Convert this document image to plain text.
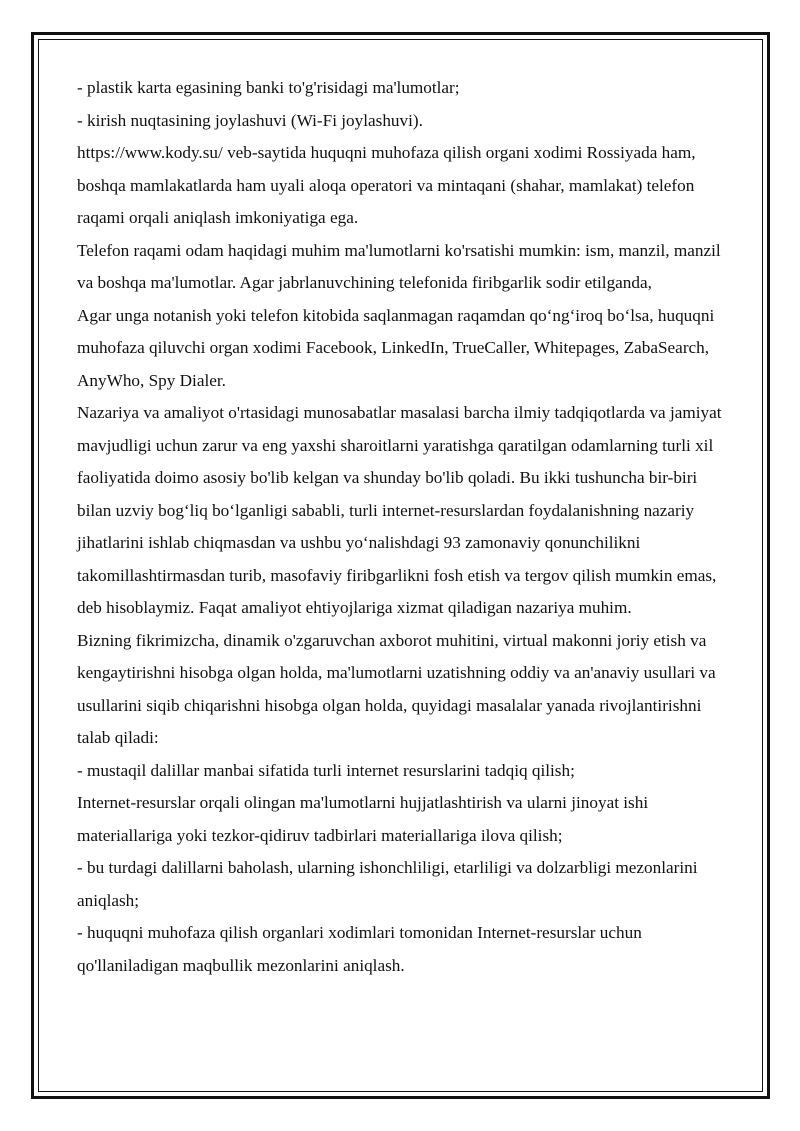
- plastik karta egasining banki to'g'risidagi ma'lumotlar;

- kirish nuqtasining joylashuvi (Wi-Fi joylashuvi).

https://www.kody.su/ veb-saytida huquqni muhofaza qilish organi xodimi Rossiyada ham, boshqa mamlakatlarda ham uyali aloqa operatori va mintaqani (shahar, mamlakat) telefon raqami orqali aniqlash imkoniyatiga ega.

Telefon raqami odam haqidagi muhim ma'lumotlarni ko'rsatishi mumkin: ism, manzil, manzil va boshqa ma'lumotlar. Agar jabrlanuvchining telefonida firibgarlik sodir etilganda,

Agar unga notanish yoki telefon kitobida saqlanmagan raqamdan qoʻngʻiroq boʻlsa, huquqni muhofaza qiluvchi organ xodimi Facebook, LinkedIn, TrueCaller, Whitepages, ZabaSearch, AnyWho, Spy Dialer.

Nazariya va amaliyot o'rtasidagi munosabatlar masalasi barcha ilmiy tadqiqotlarda va jamiyat mavjudligi uchun zarur va eng yaxshi sharoitlarni yaratishga qaratilgan odamlarning turli xil faoliyatida doimo asosiy bo'lib kelgan va shunday bo'lib qoladi. Bu ikki tushuncha bir-biri bilan uzviy bogʻliq boʻlganligi sababli, turli internet-resurslardan foydalanishning nazariy jihatlarini ishlab chiqmasdan va ushbu yoʻnalishdagi 93 zamonaviy qonunchilikni takomillashtirmasdan turib, masofaviy firibgarlikni fosh etish va tergov qilish mumkin emas, deb hisoblaymiz. Faqat amaliyot ehtiyojlariga xizmat qiladigan nazariya muhim.

Bizning fikrimizcha, dinamik o'zgaruvchan axborot muhitini, virtual makonni joriy etish va kengaytirishni hisobga olgan holda, ma'lumotlarni uzatishning oddiy va an'anaviy usullari va usullarini siqib chiqarishni hisobga olgan holda, quyidagi masalalar yanada rivojlantirishni talab qiladi:

- mustaqil dalillar manbai sifatida turli internet resurslarini tadqiq qilish;

Internet-resurslar orqali olingan ma'lumotlarni hujjatlashtirish va ularni jinoyat ishi materiallariga yoki tezkor-qidiruv tadbirlari materiallariga ilova qilish;

- bu turdagi dalillarni baholash, ularning ishonchliligi, etarliligi va dolzarbligi mezonlarini aniqlash;

- huquqni muhofaza qilish organlari xodimlari tomonidan Internet-resurslar uchun qo'llaniladigan maqbullik mezonlarini aniqlash.
